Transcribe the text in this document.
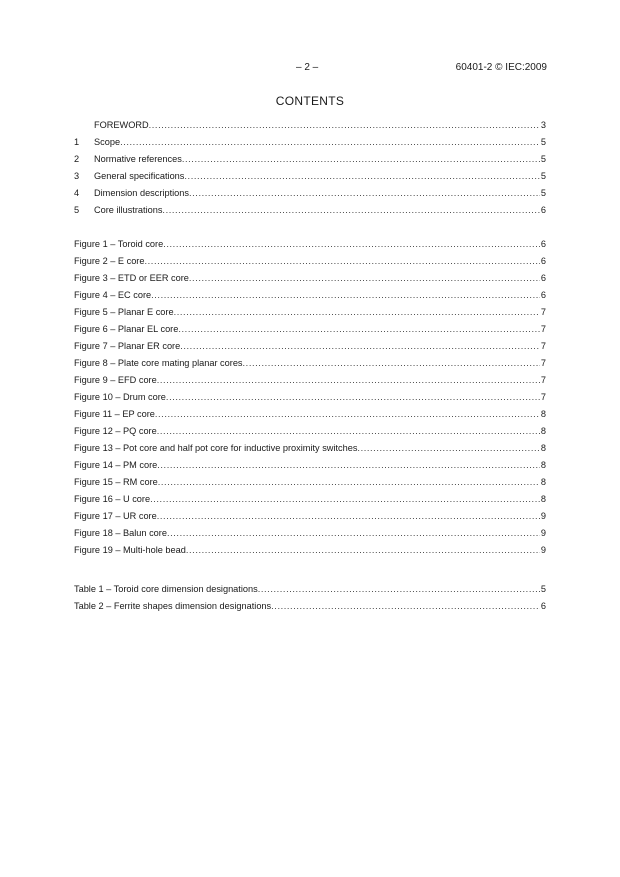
– 2 –	60401-2 © IEC:2009
CONTENTS
FOREWORD .....	3
1	Scope .....	5
2	Normative references .....	5
3	General specifications .....	5
4	Dimension descriptions .....	5
5	Core illustrations .....	6
Figure 1 – Toroid core .....	6
Figure 2 – E core .....	6
Figure 3 – ETD or EER core .....	6
Figure 4 – EC core .....	6
Figure 5 – Planar E core .....	7
Figure 6 – Planar EL core .....	7
Figure 7 – Planar ER core .....	7
Figure 8 – Plate core mating planar cores .....	7
Figure 9 – EFD core .....	7
Figure 10 – Drum core .....	7
Figure 11 – EP core .....	8
Figure 12 – PQ core .....	8
Figure 13 – Pot core and half pot core for inductive proximity switches .....	8
Figure 14 – PM core .....	8
Figure 15 – RM core .....	8
Figure 16 – U core .....	8
Figure 17 – UR core .....	9
Figure 18 – Balun core .....	9
Figure 19 – Multi-hole bead .....	9
Table 1 – Toroid core dimension designations .....	5
Table 2 – Ferrite shapes dimension designations .....	6
